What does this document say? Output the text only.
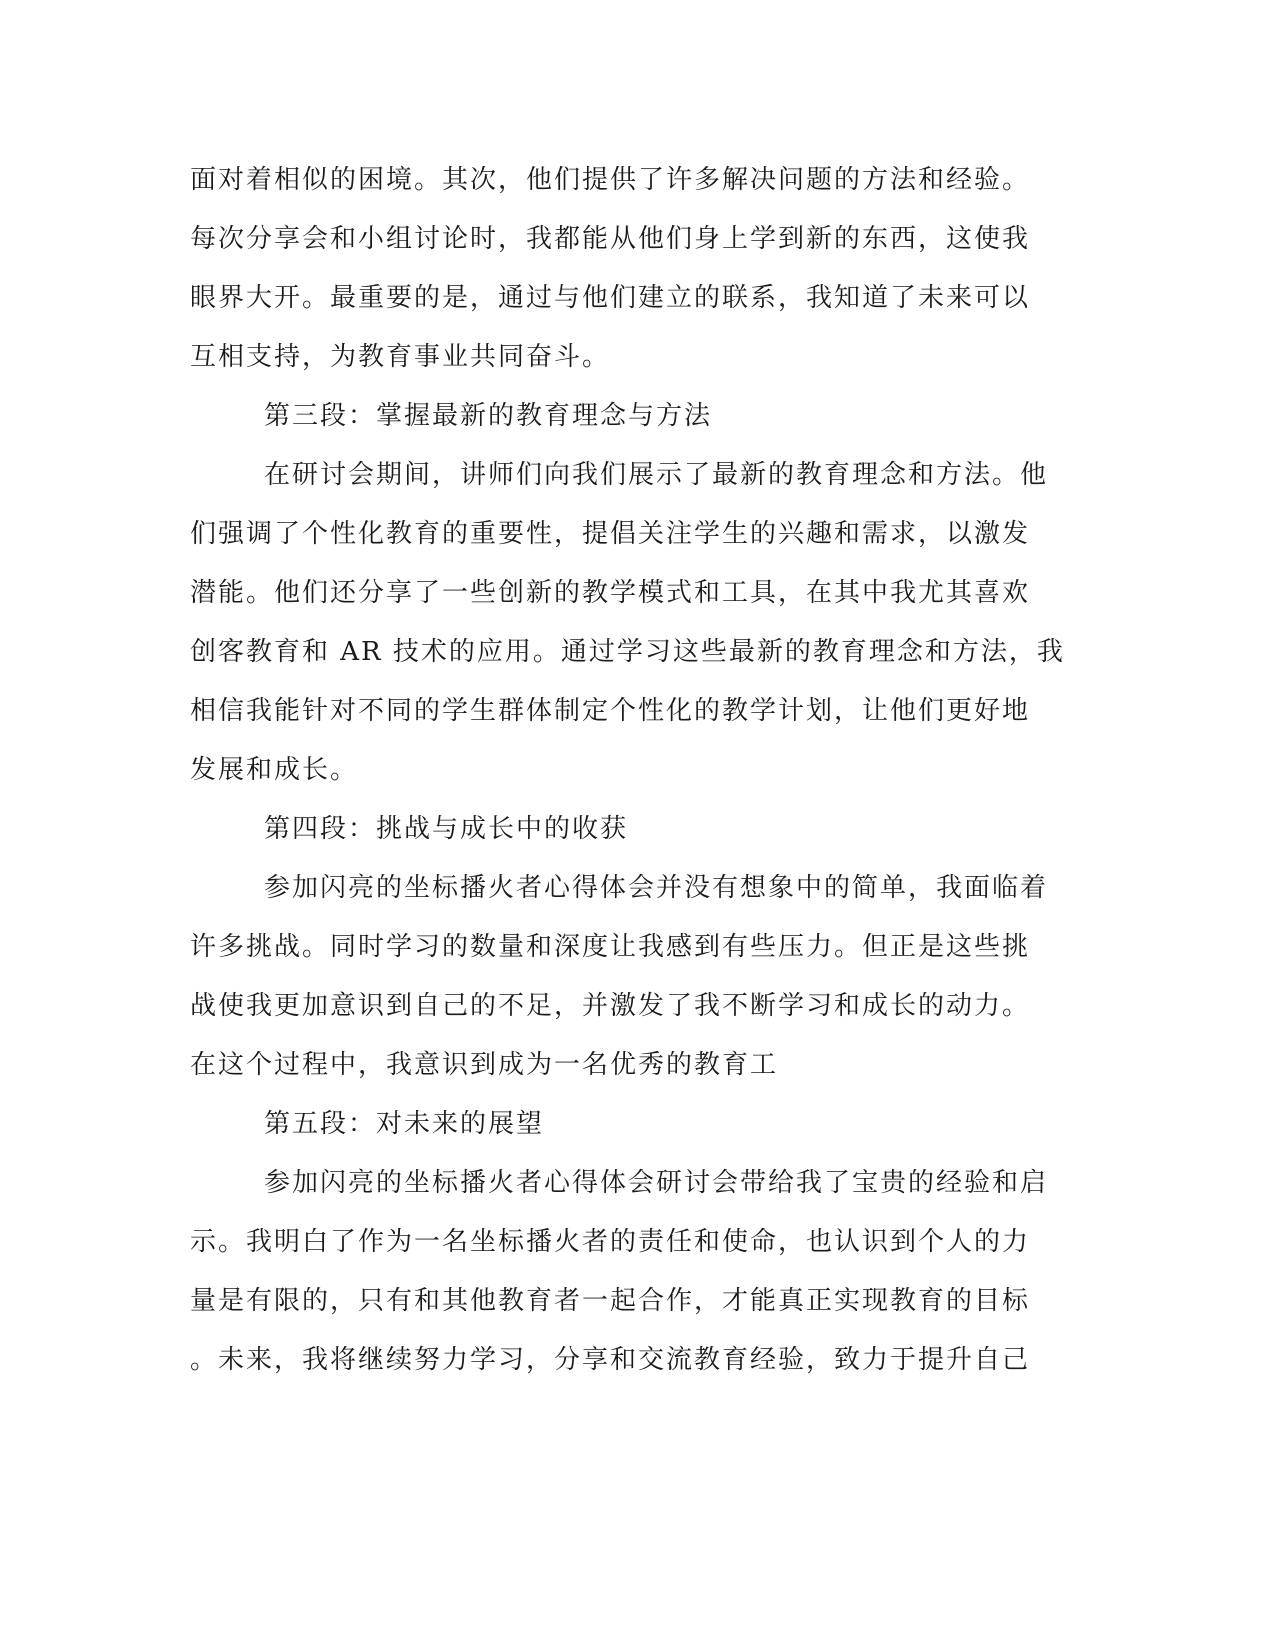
面对着相似的困境。其次，他们提供了许多解决问题的方法和经验。
每次分享会和小组讨论时，我都能从他们身上学到新的东西，这使我
眼界大开。最重要的是，通过与他们建立的联系，我知道了未来可以
互相支持，为教育事业共同奋斗。
第三段：掌握最新的教育理念与方法
在研讨会期间，讲师们向我们展示了最新的教育理念和方法。他
们强调了个性化教育的重要性，提倡关注学生的兴趣和需求，以激发
潜能。他们还分享了一些创新的教学模式和工具，在其中我尤其喜欢
创客教育和 AR 技术的应用。通过学习这些最新的教育理念和方法，我
相信我能针对不同的学生群体制定个性化的教学计划，让他们更好地
发展和成长。
第四段：挑战与成长中的收获
参加闪亮的坐标播火者心得体会并没有想象中的简单，我面临着
许多挑战。同时学习的数量和深度让我感到有些压力。但正是这些挑
战使我更加意识到自己的不足，并激发了我不断学习和成长的动力。
在这个过程中，我意识到成为一名优秀的教育工
第五段：对未来的展望
参加闪亮的坐标播火者心得体会研讨会带给我了宝贵的经验和启
示。我明白了作为一名坐标播火者的责任和使命，也认识到个人的力
量是有限的，只有和其他教育者一起合作，才能真正实现教育的目标
。未来，我将继续努力学习，分享和交流教育经验，致力于提升自己
